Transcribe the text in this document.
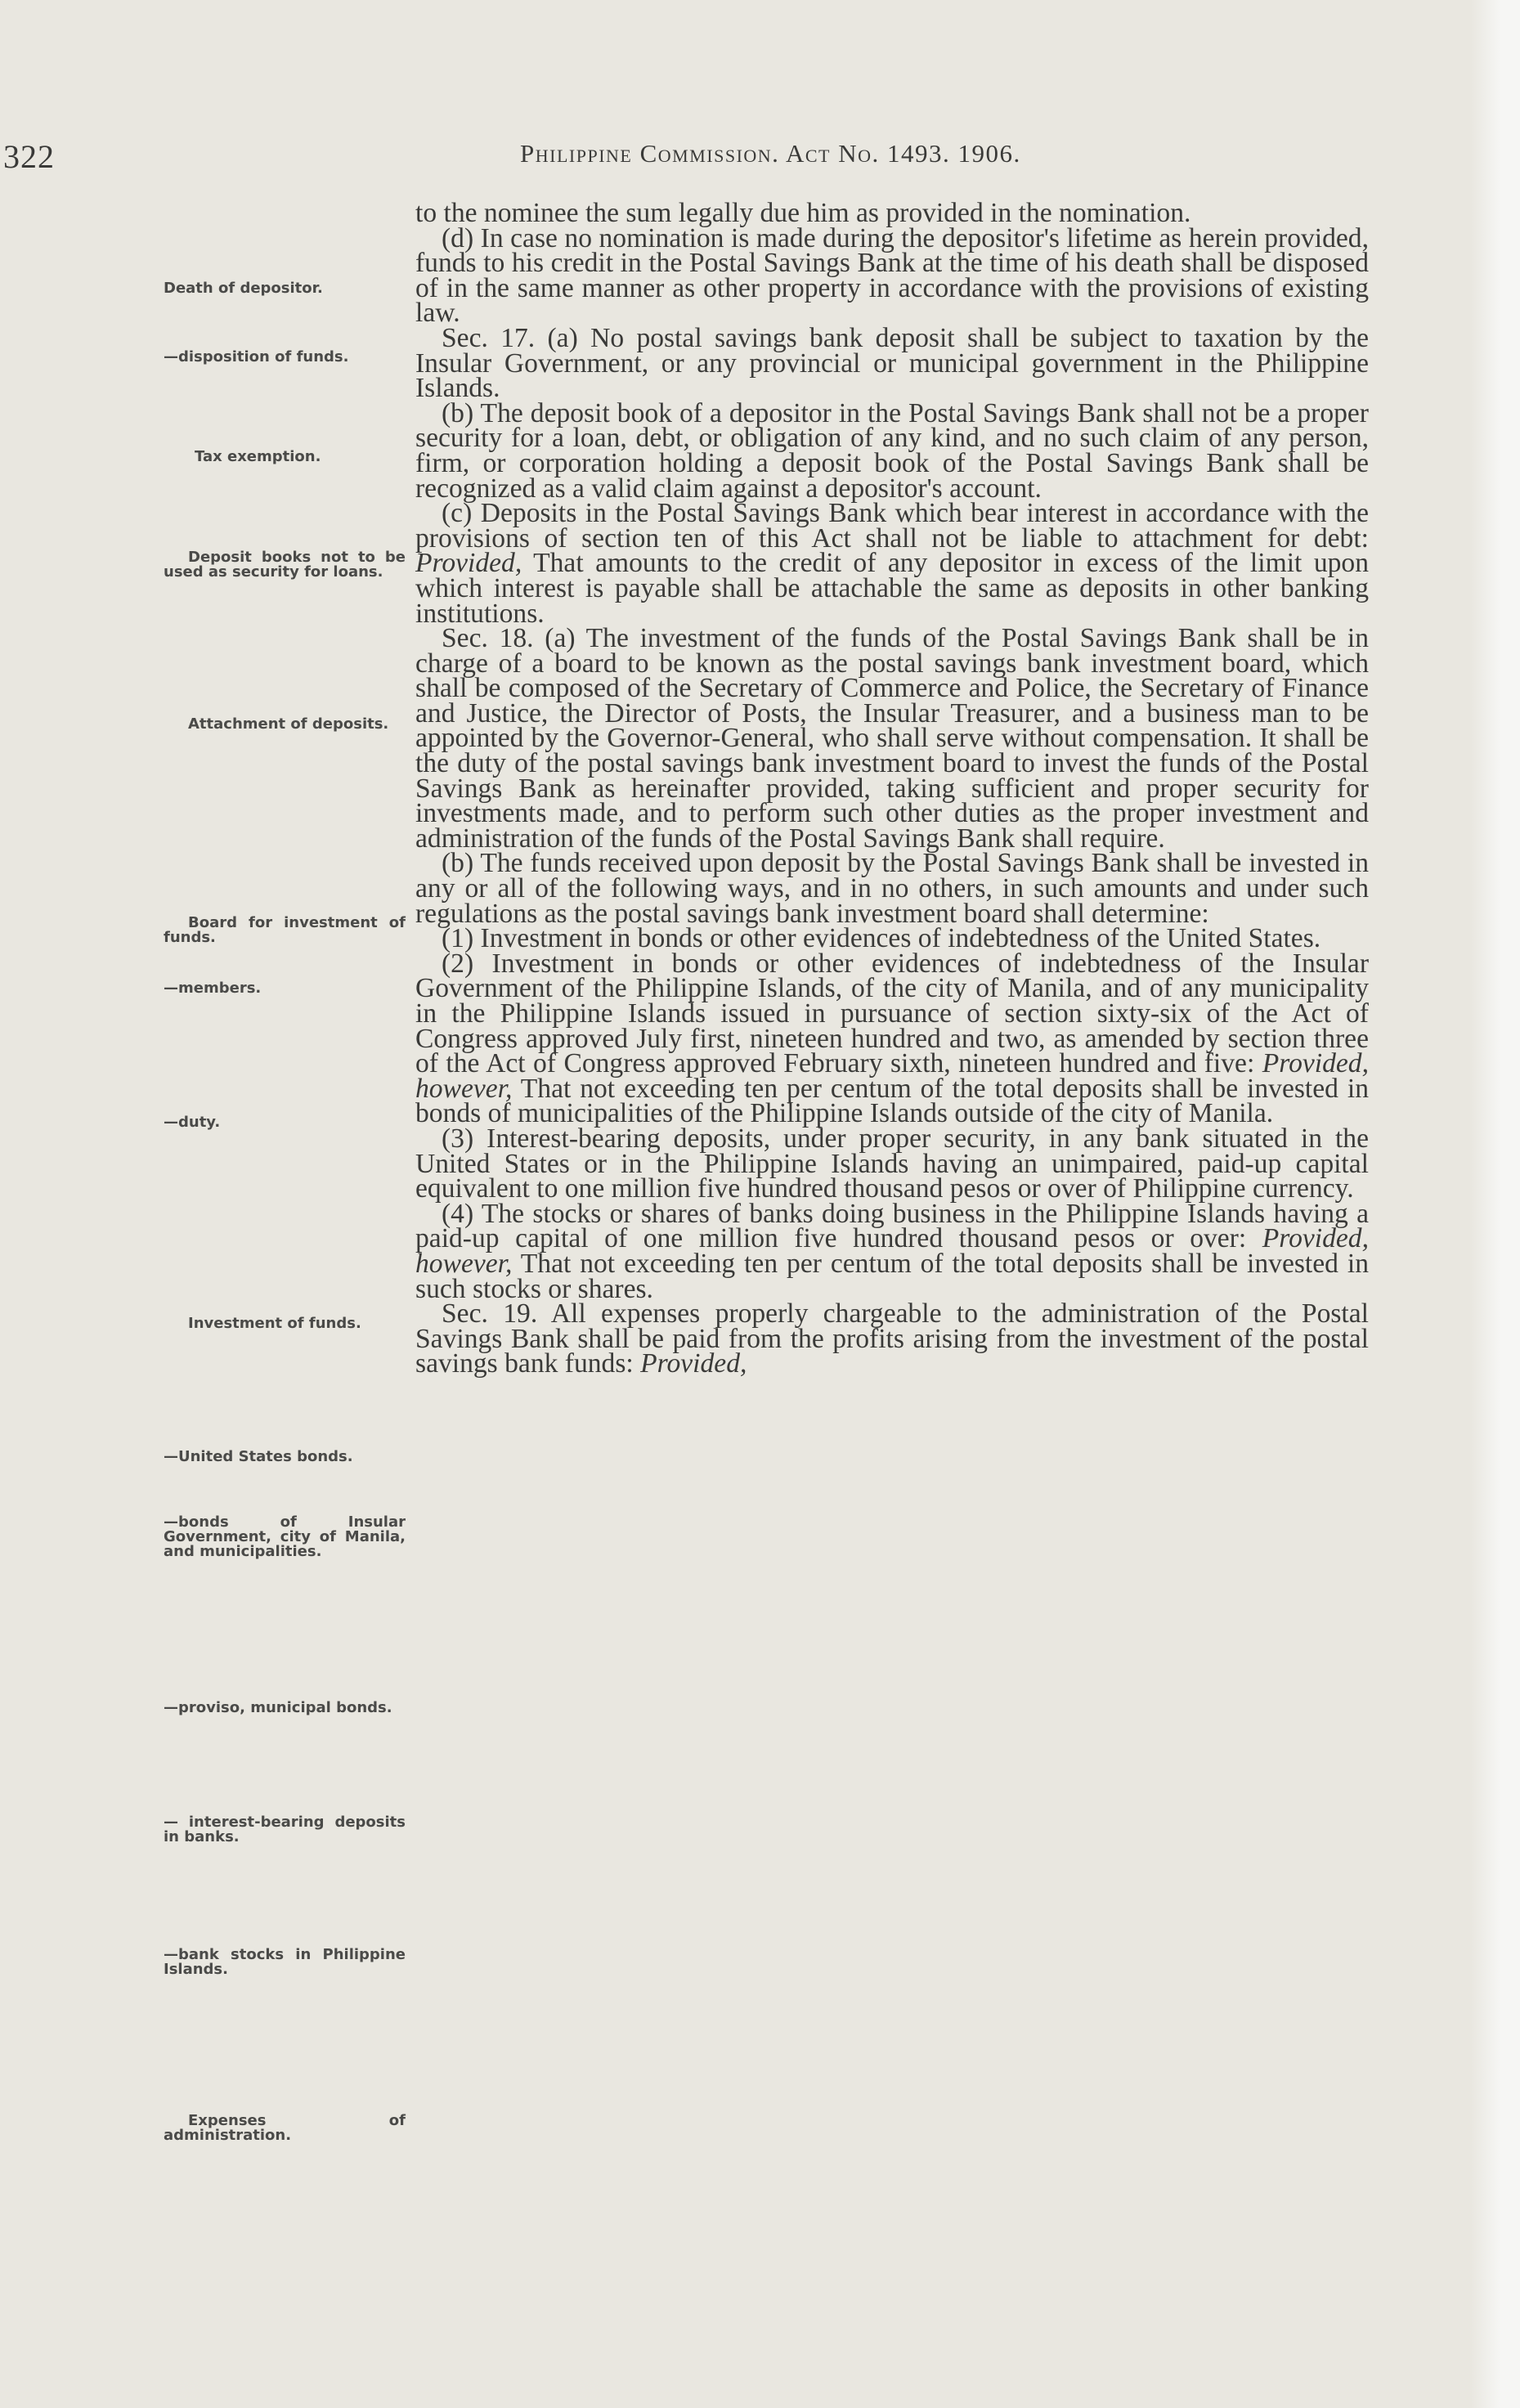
322	Philippine Commission. Act No. 1493. 1906.
Death of depositor.
—disposition of funds.
Tax exemption.
Deposit books not to be used as security for loans.
Attachment of deposits.
Board for investment of funds.
—members.
—duty.
Investment of funds.
—United States bonds.
—bonds of Insular Government, city of Manila, and municipalities.
—proviso, municipal bonds.
— interest-bearing deposits in banks.
—bank stocks in Philippine Islands.
Expenses of administration.

to the nominee the sum legally due him as provided in the nomination.

(d) In case no nomination is made during the depositor's lifetime as herein provided, funds to his credit in the Postal Savings Bank at the time of his death shall be disposed of in the same manner as other property in accordance with the provisions of existing law.

Sec. 17. (a) No postal savings bank deposit shall be subject to taxation by the Insular Government, or any provincial or municipal government in the Philippine Islands.

(b) The deposit book of a depositor in the Postal Savings Bank shall not be a proper security for a loan, debt, or obligation of any kind, and no such claim of any person, firm, or corporation holding a deposit book of the Postal Savings Bank shall be recognized as a valid claim against a depositor's account.

(c) Deposits in the Postal Savings Bank which bear interest in accordance with the provisions of section ten of this Act shall not be liable to attachment for debt: Provided, That amounts to the credit of any depositor in excess of the limit upon which interest is payable shall be attachable the same as deposits in other banking institutions.

Sec. 18. (a) The investment of the funds of the Postal Savings Bank shall be in charge of a board to be known as the postal savings bank investment board, which shall be composed of the Secretary of Commerce and Police, the Secretary of Finance and Justice, the Director of Posts, the Insular Treasurer, and a business man to be appointed by the Governor-General, who shall serve without compensation. It shall be the duty of the postal savings bank investment board to invest the funds of the Postal Savings Bank as hereinafter provided, taking sufficient and proper security for investments made, and to perform such other duties as the proper investment and administration of the funds of the Postal Savings Bank shall require.

(b) The funds received upon deposit by the Postal Savings Bank shall be invested in any or all of the following ways, and in no others, in such amounts and under such regulations as the postal savings bank investment board shall determine:

(1) Investment in bonds or other evidences of indebtedness of the United States.

(2) Investment in bonds or other evidences of indebtedness of the Insular Government of the Philippine Islands, of the city of Manila, and of any municipality in the Philippine Islands issued in pursuance of section sixty-six of the Act of Congress approved July first, nineteen hundred and two, as amended by section three of the Act of Congress approved February sixth, nineteen hundred and five: Provided, however, That not exceeding ten per centum of the total deposits shall be invested in bonds of municipalities of the Philippine Islands outside of the city of Manila.

(3) Interest-bearing deposits, under proper security, in any bank situated in the United States or in the Philippine Islands having an unimpaired, paid-up capital equivalent to one million five hundred thousand pesos or over of Philippine currency.

(4) The stocks or shares of banks doing business in the Philippine Islands having a paid-up capital of one million five hundred thousand pesos or over: Provided, however, That not exceeding ten per centum of the total deposits shall be invested in such stocks or shares.

Sec. 19. All expenses properly chargeable to the administration of the Postal Savings Bank shall be paid from the profits arising from the investment of the postal savings bank funds: Provided,
